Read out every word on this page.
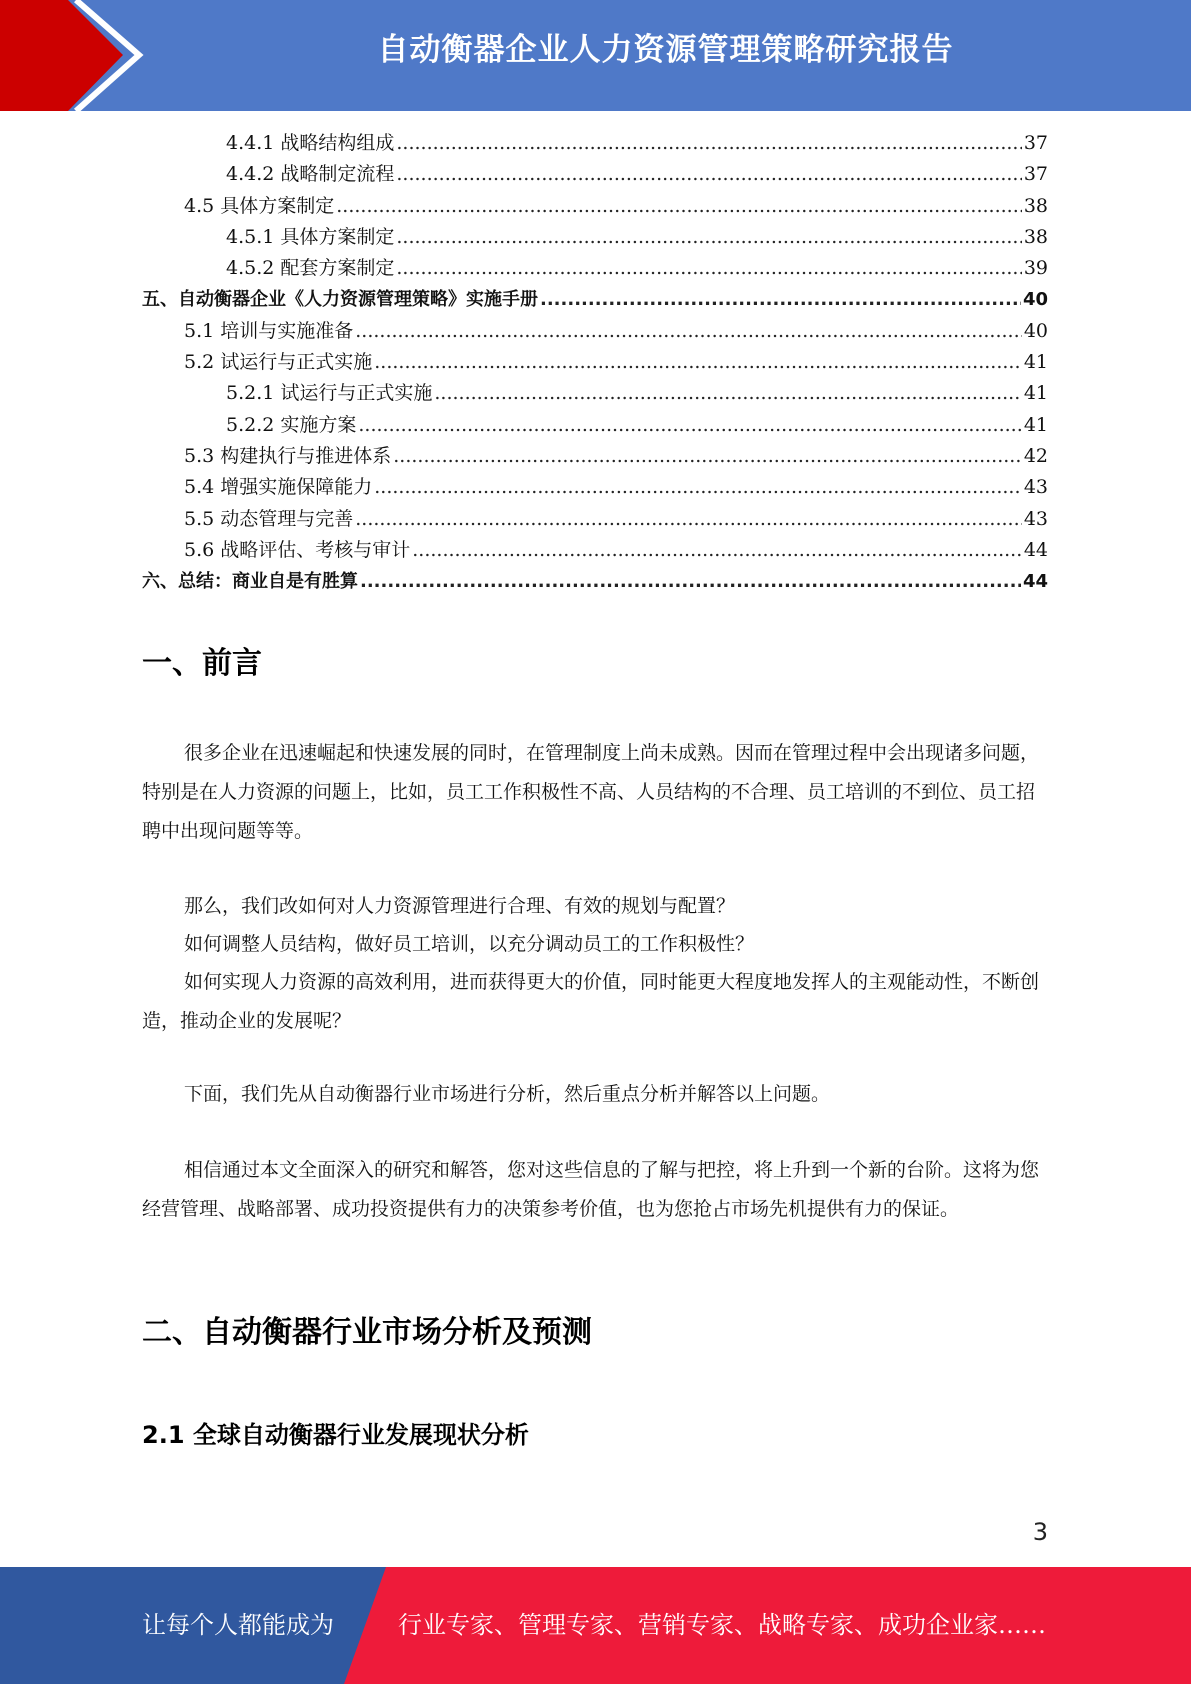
自动衡器企业人力资源管理策略研究报告
4.4.1 战略结构组成 .....	37
4.4.2 战略制定流程 .....	37
4.5 具体方案制定 .....	38
4.5.1 具体方案制定 .....	38
4.5.2 配套方案制定 .....	39
五、自动衡器企业《人力资源管理策略》实施手册 .....	40
5.1 培训与实施准备 .....	40
5.2 试运行与正式实施 .....	41
5.2.1 试运行与正式实施 .....	41
5.2.2 实施方案 .....	41
5.3 构建执行与推进体系 .....	42
5.4 增强实施保障能力 .....	43
5.5 动态管理与完善 .....	43
5.6 战略评估、考核与审计 .....	44
六、总结：商业自是有胜算 .....	44
一、前言

很多企业在迅速崛起和快速发展的同时，在管理制度上尚未成熟。因而在管理过程中会出现诸多问题，特别是在人力资源的问题上，比如，员工工作积极性不高、人员结构的不合理、员工培训的不到位、员工招聘中出现问题等等。

那么，我们改如何对人力资源管理进行合理、有效的规划与配置？

如何调整人员结构，做好员工培训，以充分调动员工的工作积极性？

如何实现人力资源的高效利用，进而获得更大的价值，同时能更大程度地发挥人的主观能动性，不断创造，推动企业的发展呢？

下面，我们先从自动衡器行业市场进行分析，然后重点分析并解答以上问题。

相信通过本文全面深入的研究和解答，您对这些信息的了解与把控，将上升到一个新的台阶。这将为您经营管理、战略部署、成功投资提供有力的决策参考价值，也为您抢占市场先机提供有力的保证。

二、自动衡器行业市场分析及预测
2.1 全球自动衡器行业发展现状分析
3
让每个人都能成为	行业专家、管理专家、营销专家、战略专家、成功企业家……
